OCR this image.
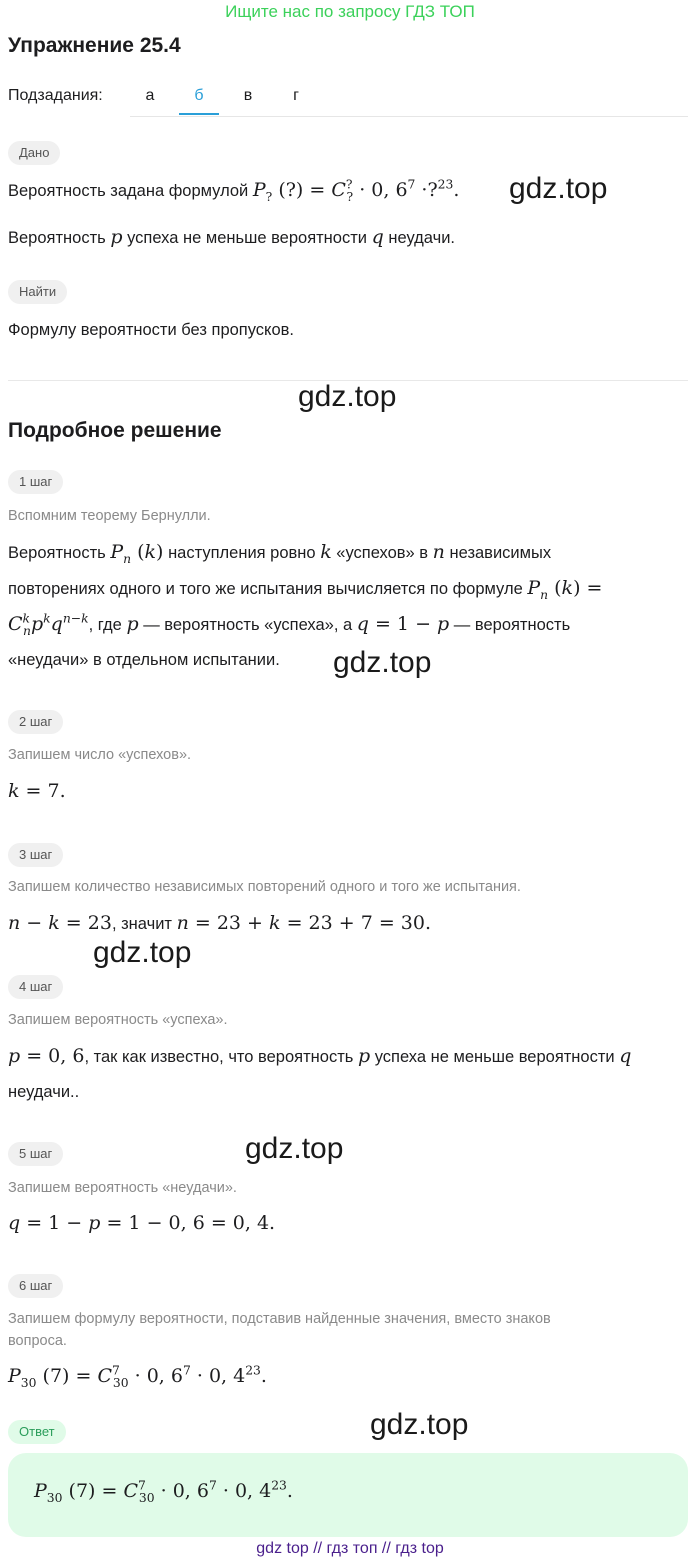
Ищите нас по запросу ГДЗ ТОП
Упражнение 25.4
Подзадания:	а	б	в	г
Дано
Вероятность задана формулой $P_?$ (?) = $C^?_? \cdot 0$, $6^7$ ·?$^{23}$. gdz.top
Вероятность p успеха не меньше вероятности q неудачи.
Найти
Формулу вероятности без пропусков.
gdz.top
Подробное решение
1 шаг
Вспомним теорему Бернулли.
Вероятность $P_n$ (k) наступления ровно k «успехов» в n независимых
повторениях одного и того же испытания вычисляется по формуле $P_n$ (k) =
$C^k_np^kq^{n-k}$, где p — вероятность «успеха», а q = 1 − p — вероятность
«неудачи» в отдельном испытании. gdz.top
2 шаг
Запишем число «успехов».
k = 7.
3 шаг
Запишем количество независимых повторений одного и того же испытания.
n − k = 23, значит n = 23 + k = 23 + 7 = 30.
gdz.top
4 шаг
Запишем вероятность «успеха».
p = 0, 6, так как известно, что вероятность p успеха не меньше вероятности q
неудачи..
gdz.top
5 шаг
Запишем вероятность «неудачи».
q = 1 − p = 1 − 0, 6 = 0, 4.
6 шаг
Запишем формулу вероятности, подставив найденные значения, вместо знаков
вопроса.
$P_{30}$ $(7) = C^7_{30} \cdot 0$, $6^7 \cdot 0$, $4^{23}$.
gdz.top
Ответ
$P_{30}$ $(7) = C^7_{30} \cdot 0$, $6^7 \cdot 0$, $4^{23}$.
gdz top // гдз топ // гдз top
